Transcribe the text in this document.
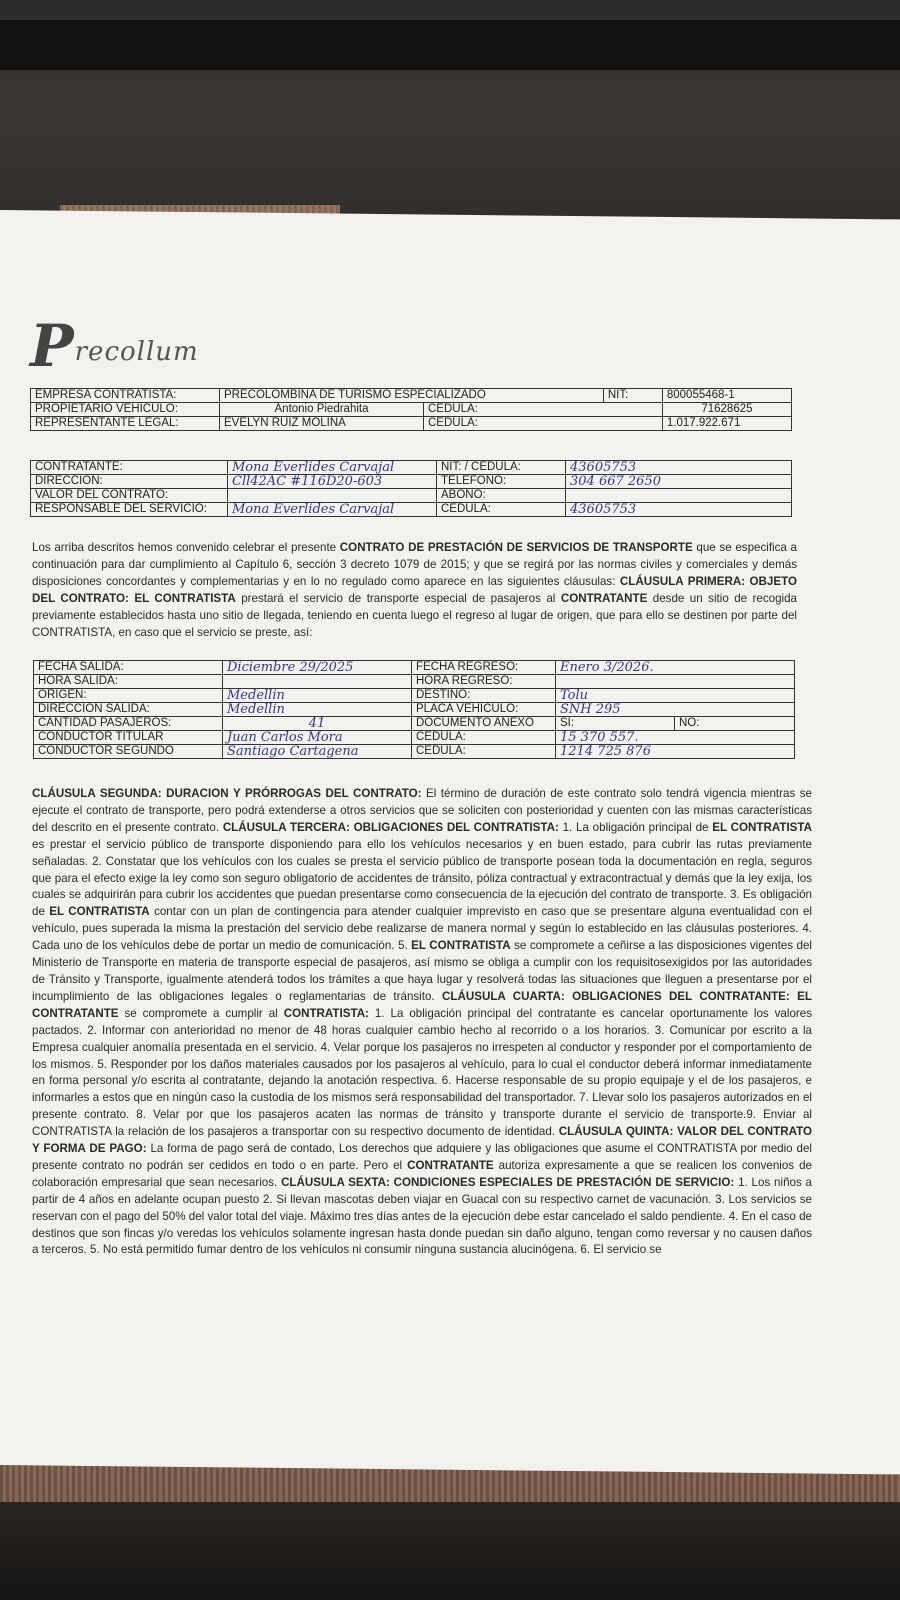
Precollum
EMPRESA CONTRATISTA:	PRECOLOMBINA DE TURISMO ESPECIALIZADO		NIT:	800055468-1
PROPIETARIO VEHÍCULO:	Antonio Piedrahita	CEDULA:		71628625
REPRESENTANTE LEGAL:	EVELYN RUIZ MOLINA	CEDULA:		1.017.922.671
CONTRATANTE:	Mona Everlides Carvajal	NIT: / CEDULA:	43605753
DIRECCIÓN:	Cll42AC #116D20-603	TELEFONO:	304 667 2650
VALOR DEL CONTRATO:		ABONO:	
RESPONSABLE DEL SERVICIO:	Mona Everlides Carvajal	CEDULA:	43605753
Los arriba descritos hemos convenido celebrar el presente CONTRATO DE PRESTACIÓN DE SERVICIOS DE TRANSPORTE que se especifica a continuación para dar cumplimiento al Capítulo 6, sección 3 decreto 1079 de 2015; y que se regirá por las normas civiles y comerciales y demás disposiciones concordantes y complementarias y en lo no regulado como aparece en las siguientes cláusulas: CLÁUSULA PRIMERA: OBJETO DEL CONTRATO: EL CONTRATISTA prestará el servicio de transporte especial de pasajeros al CONTRATANTE desde un sitio de recogida previamente establecidos hasta uno sitio de llegada, teniendo en cuenta luego el regreso al lugar de origen, que para ello se destinen por parte del CONTRATISTA, en caso que el servicio se preste, así:
FECHA SALIDA:	Diciembre 29/2025	FECHA REGRESO:	Enero 3/2026.	
HORA SALIDA:		HORA REGRESO:		
ORIGEN:	Medellin	DESTINO:	Tolu	
DIRECCION SALIDA:	Medellin	PLACA VEHÍCULO:	SNH 295	
CANTIDAD PASAJEROS:	41	DOCUMENTO ANEXO	SI:	NO:
CONDUCTOR TITULAR	Juan Carlos Mora	CEDULA:	15 370 557.	
CONDUCTOR SEGUNDO	Santiago Cartagena	CEDULA:	1214 725 876	
CLÁUSULA SEGUNDA: DURACION Y PRÓRROGAS DEL CONTRATO: El término de duración de este contrato solo tendrá vigencia mientras se ejecute el contrato de transporte, pero podrá extenderse a otros servicios que se soliciten con posterioridad y cuenten con las mismas características del descrito en el presente contrato. CLÁUSULA TERCERA: OBLIGACIONES DEL CONTRATISTA: 1. La obligación principal de EL CONTRATISTA es prestar el servicio público de transporte disponiendo para ello los vehículos necesarios y en buen estado, para cubrir las rutas previamente señaladas. 2. Constatar que los vehículos con los cuales se presta el servicio público de transporte posean toda la documentación en regla, seguros que para el efecto exige la ley como son seguro obligatorio de accidentes de tránsito, póliza contractual y extracontractual y demás que la ley exija, los cuales se adquirirán para cubrir los accidentes que puedan presentarse como consecuencia de la ejecución del contrato de transporte. 3. Es obligación de EL CONTRATISTA contar con un plan de contingencia para atender cualquier imprevisto en caso que se presentare alguna eventualidad con el vehículo, pues superada la misma la prestación del servicio debe realizarse de manera normal y según lo establecido en las cláusulas posteriores. 4. Cada uno de los vehículos debe de portar un medio de comunicación. 5. EL CONTRATISTA se compromete a ceñirse a las disposiciones vigentes del Ministerio de Transporte en materia de transporte especial de pasajeros, así mismo se obliga a cumplir con los requisitosexigidos por las autoridades de Tránsito y Transporte, igualmente atenderá todos los trámites a que haya lugar y resolverá todas las situaciones que lleguen a presentarse por el incumplimiento de las obligaciones legales o reglamentarias de tránsito. CLÁUSULA CUARTA: OBLIGACIONES DEL CONTRATANTE: EL CONTRATANTE se compromete a cumplir al CONTRATISTA: 1. La obligación principal del contratante es cancelar oportunamente los valores pactados. 2. Informar con anterioridad no menor de 48 horas cualquier cambio hecho al recorrido o a los horarios. 3. Comunicar por escrito a la Empresa cualquier anomalía presentada en el servicio. 4. Velar porque los pasajeros no irrespeten al conductor y responder por el comportamiento de los mismos. 5. Responder por los daños materiales causados por los pasajeros al vehículo, para lo cual el conductor deberá informar inmediatamente en forma personal y/o escrita al contratante, dejando la anotación respectiva. 6. Hacerse responsable de su propio equipaje y el de los pasajeros, e informarles a estos que en ningún caso la custodia de los mismos será responsabilidad del transportador. 7. Llevar solo los pasajeros autorizados en el presente contrato. 8. Velar por que los pasajeros acaten las normas de tránsito y transporte durante el servicio de transporte.9. Enviar al CONTRATISTA la relación de los pasajeros a transportar con su respectivo documento de identidad. CLÁUSULA QUINTA: VALOR DEL CONTRATO Y FORMA DE PAGO: La forma de pago será de contado, Los derechos que adquiere y las obligaciones que asume el CONTRATISTA por medio del presente contrato no podrán ser cedidos en todo o en parte. Pero el CONTRATANTE autoriza expresamente a que se realicen los convenios de colaboración empresarial que sean necesarios. CLÁUSULA SEXTA: CONDICIONES ESPECIALES DE PRESTACIÓN DE SERVICIO: 1. Los niños a partir de 4 años en adelante ocupan puesto 2. Si llevan mascotas deben viajar en Guacal con su respectivo carnet de vacunación. 3. Los servicios se reservan con el pago del 50% del valor total del viaje. Máximo tres días antes de la ejecución debe estar cancelado el saldo pendiente. 4. En el caso de destinos que son fincas y/o veredas los vehículos solamente ingresan hasta donde puedan sin daño alguno, tengan como reversar y no causen daños a terceros. 5. No está permitido fumar dentro de los vehículos ni consumir ninguna sustancia alucinógena. 6. El servicio se
